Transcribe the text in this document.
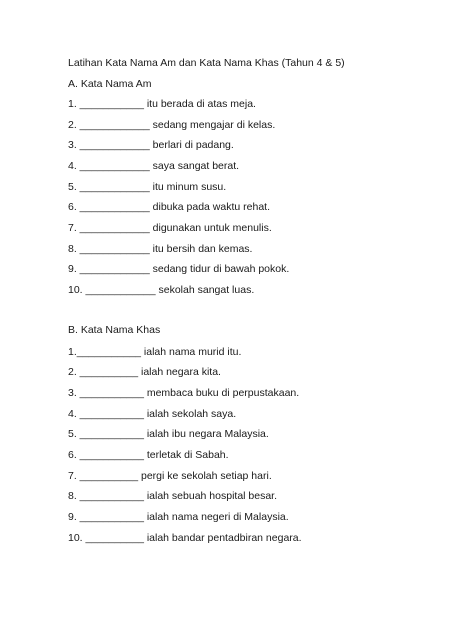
Latihan Kata Nama Am dan Kata Nama Khas (Tahun 4 & 5)
A. Kata Nama Am
1. ___________ itu berada di atas meja.
2. ____________ sedang mengajar di kelas.
3. ____________ berlari di padang.
4. ____________ saya sangat berat.
5. ____________ itu minum susu.
6. ____________ dibuka pada waktu rehat.
7. ____________ digunakan untuk menulis.
8. ____________ itu bersih dan kemas.
9. ____________ sedang tidur di bawah pokok.
10. ____________ sekolah sangat luas.
B. Kata Nama Khas
1.___________ ialah nama murid itu.
2. __________ ialah negara kita.
3. ___________ membaca buku di perpustakaan.
4. ___________ ialah sekolah saya.
5. ___________ ialah ibu negara Malaysia.
6. ___________ terletak di Sabah.
7. __________ pergi ke sekolah setiap hari.
8. ___________ ialah sebuah hospital besar.
9. ___________ ialah nama negeri di Malaysia.
10. __________ ialah bandar pentadbiran negara.
